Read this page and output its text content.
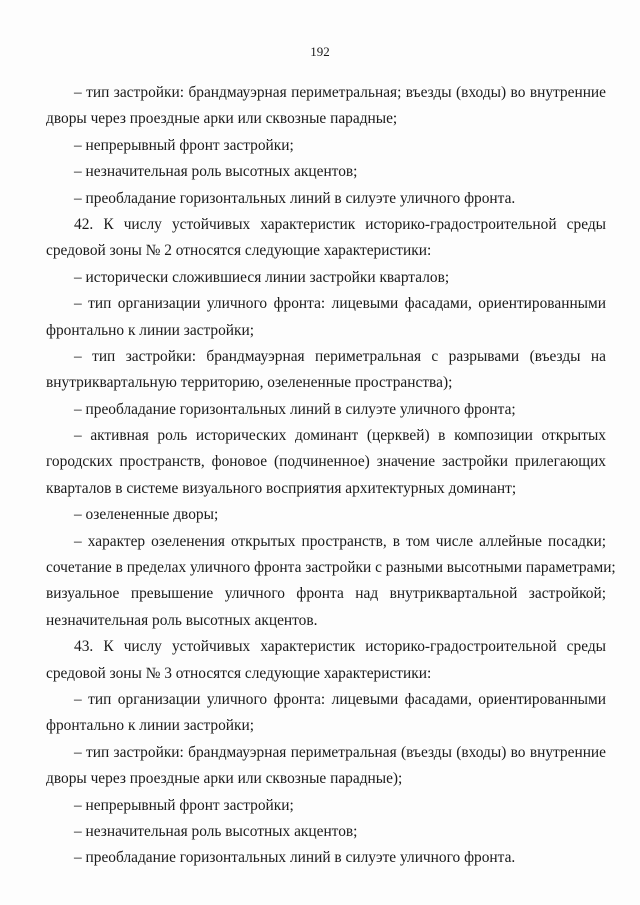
192
– тип застройки: брандмауэрная периметральная; въезды (входы) во внутренние
дворы через проездные арки или сквозные парадные;
– непрерывный фронт застройки;
– незначительная роль высотных акцентов;
– преобладание горизонтальных линий в силуэте уличного фронта.
42. К числу устойчивых характеристик историко-градостроительной среды
средовой зоны № 2 относятся следующие характеристики:
– исторически сложившиеся линии застройки кварталов;
– тип организации уличного фронта: лицевыми фасадами, ориентированными
фронтально к линии застройки;
– тип застройки: брандмауэрная периметральная с разрывами (въезды на
внутриквартальную территорию, озелененные пространства);
– преобладание горизонтальных линий в силуэте уличного фронта;
– активная роль исторических доминант (церквей) в композиции открытых
городских пространств, фоновое (подчиненное) значение застройки прилегающих
кварталов в системе визуального восприятия архитектурных доминант;
– озелененные дворы;
– характер озеленения открытых пространств, в том числе аллейные посадки;
сочетание в пределах уличного фронта застройки с разными высотными параметрами;
визуальное превышение уличного фронта над внутриквартальной застройкой;
незначительная роль высотных акцентов.
43. К числу устойчивых характеристик историко-градостроительной среды
средовой зоны № 3 относятся следующие характеристики:
– тип организации уличного фронта: лицевыми фасадами, ориентированными
фронтально к линии застройки;
– тип застройки: брандмауэрная периметральная (въезды (входы) во внутренние
дворы через проездные арки или сквозные парадные);
– непрерывный фронт застройки;
– незначительная роль высотных акцентов;
– преобладание горизонтальных линий в силуэте уличного фронта.
